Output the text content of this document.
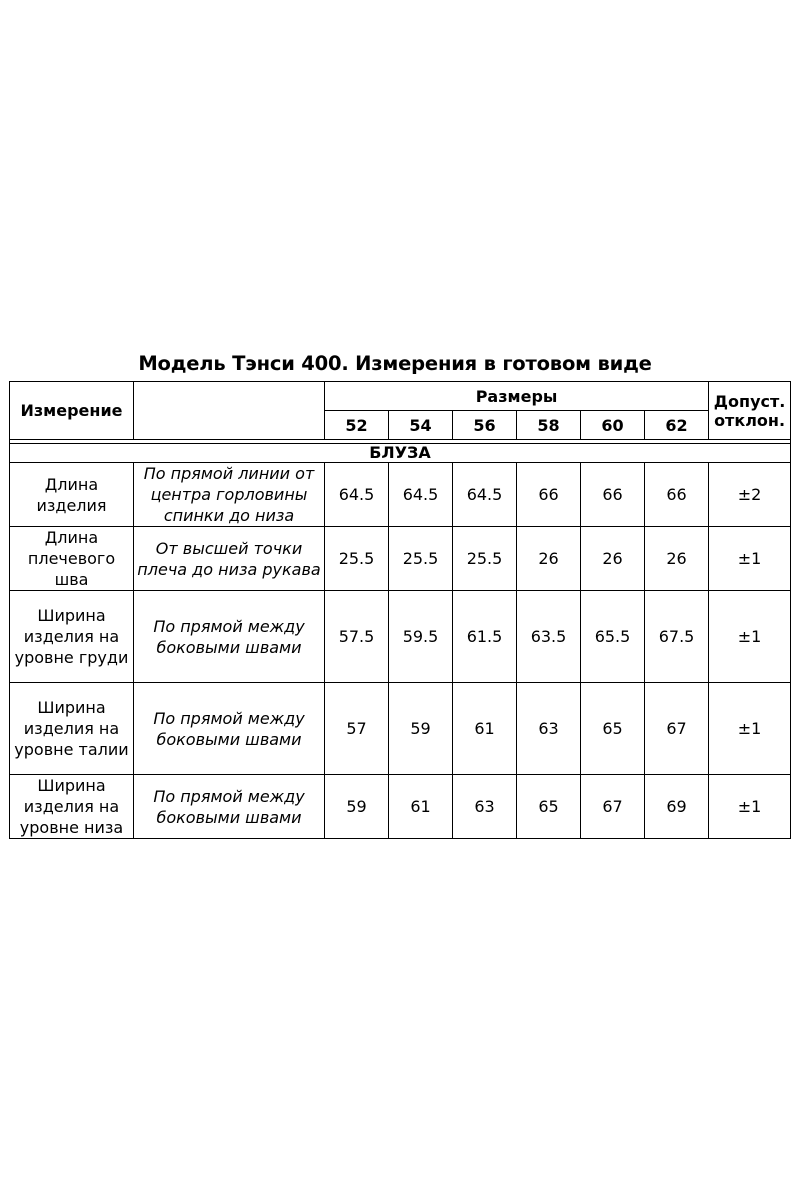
Модель Тэнси 400. Измерения в готовом виде
Измерение		Размеры						Допуст. отклон.
		52	54	56	58	60	62	

БЛУЗА								
Длина изделия	По прямой линии от центра горловины спинки до низа	64.5	64.5	64.5	66	66	66	±2
Длина плечевого шва	От высшей точки плеча до низа рукава	25.5	25.5	25.5	26	26	26	±1
Ширина изделия на уровне груди	По прямой между боковыми швами	57.5	59.5	61.5	63.5	65.5	67.5	±1
Ширина изделия на уровне талии	По прямой между боковыми швами	57	59	61	63	65	67	±1
Ширина изделия на уровне низа	По прямой между боковыми швами	59	61	63	65	67	69	±1
